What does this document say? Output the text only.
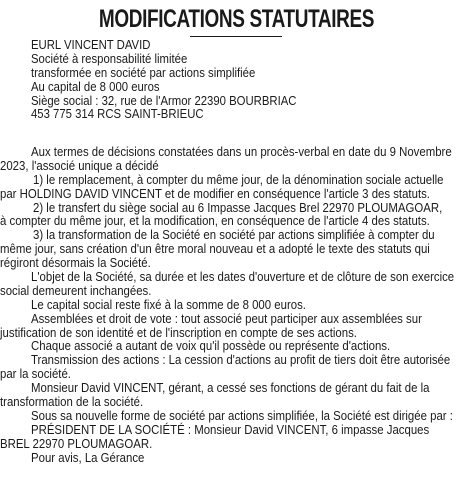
MODIFICATIONS STATUTAIRES
EURL VINCENT DAVID
Société à responsabilité limitée
transformée en société par actions simplifiée
Au capital de 8 000 euros
Siège social : 32, rue de l'Armor 22390 BOURBRIAC
453 775 314 RCS SAINT-BRIEUC
Aux termes de décisions constatées dans un procès-verbal en date du 9 Novembre
2023, l'associé unique a décidé
1) le remplacement, à compter du même jour, de la dénomination sociale actuelle
par HOLDING DAVID VINCENT et de modifier en conséquence l'article 3 des statuts.
2) le transfert du siège social au 6 Impasse Jacques Brel 22970 PLOUMAGOAR,
à compter du même jour, et la modification, en conséquence de l'article 4 des statuts.
3) la transformation de la Société en société par actions simplifiée à compter du
même jour, sans création d'un être moral nouveau et a adopté le texte des statuts qui
régiront désormais la Société.
L'objet de la Société, sa durée et les dates d'ouverture et de clôture de son exercice
social demeurent inchangées.
Le capital social reste fixé à la somme de 8 000 euros.
Assemblées et droit de vote : tout associé peut participer aux assemblées sur
justification de son identité et de l'inscription en compte de ses actions.
Chaque associé a autant de voix qu'il possède ou représente d'actions.
Transmission des actions : La cession d'actions au profit de tiers doit être autorisée
par la société.
Monsieur David VINCENT, gérant, a cessé ses fonctions de gérant du fait de la
transformation de la société.
Sous sa nouvelle forme de société par actions simplifiée, la Société est dirigée par :
PRÉSIDENT DE LA SOCIÉTÉ : Monsieur David VINCENT, 6 impasse Jacques
BREL 22970 PLOUMAGOAR.
Pour avis, La Gérance
